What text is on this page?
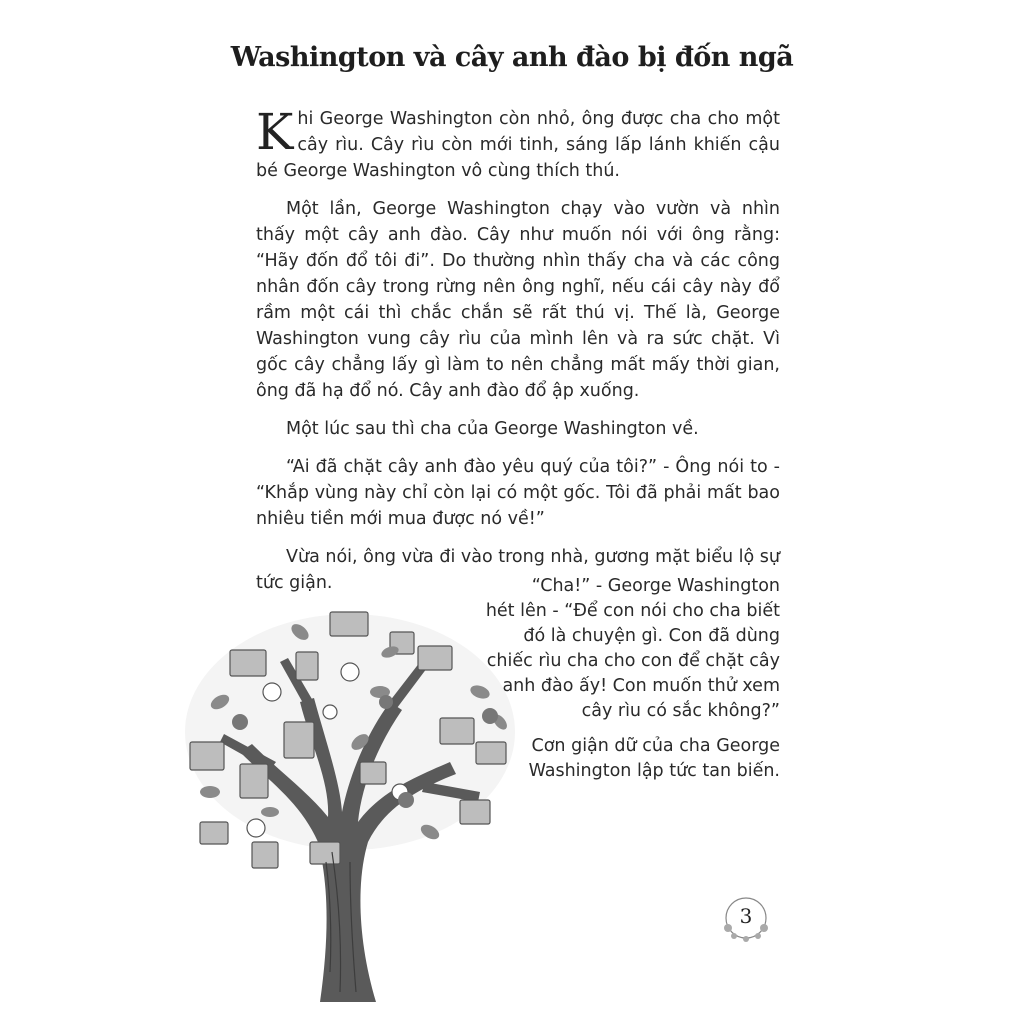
Washington và cây anh đào bị đốn ngã

Khi George Washington còn nhỏ, ông được cha cho một cây rìu. Cây rìu còn mới tinh, sáng lấp lánh khiến cậu bé George Washington vô cùng thích thú.

Một lần, George Washington chạy vào vườn và nhìn thấy một cây anh đào. Cây như muốn nói với ông rằng: “Hãy đốn đổ tôi đi”. Do thường nhìn thấy cha và các công nhân đốn cây trong rừng nên ông nghĩ, nếu cái cây này đổ rầm một cái thì chắc chắn sẽ rất thú vị. Thế là, George Washington vung cây rìu của mình lên và ra sức chặt. Vì gốc cây chẳng lấy gì làm to nên chẳng mất mấy thời gian, ông đã hạ đổ nó. Cây anh đào đổ ập xuống.

Một lúc sau thì cha của George Washington về.

“Ai đã chặt cây anh đào yêu quý của tôi?” - Ông nói to - “Khắp vùng này chỉ còn lại có một gốc. Tôi đã phải mất bao nhiêu tiền mới mua được nó về!”

Vừa nói, ông vừa đi vào trong nhà, gương mặt biểu lộ sự tức giận.	“Cha!” - George Washington hét lên - “Để con nói cho cha biết đó là chuyện gì. Con đã dùng chiếc rìu cha cho con để chặt cây anh đào ấy! Con muốn thử xem cây rìu có sắc không?”

Cơn giận dữ của cha George Washington lập tức tan biến.

3
